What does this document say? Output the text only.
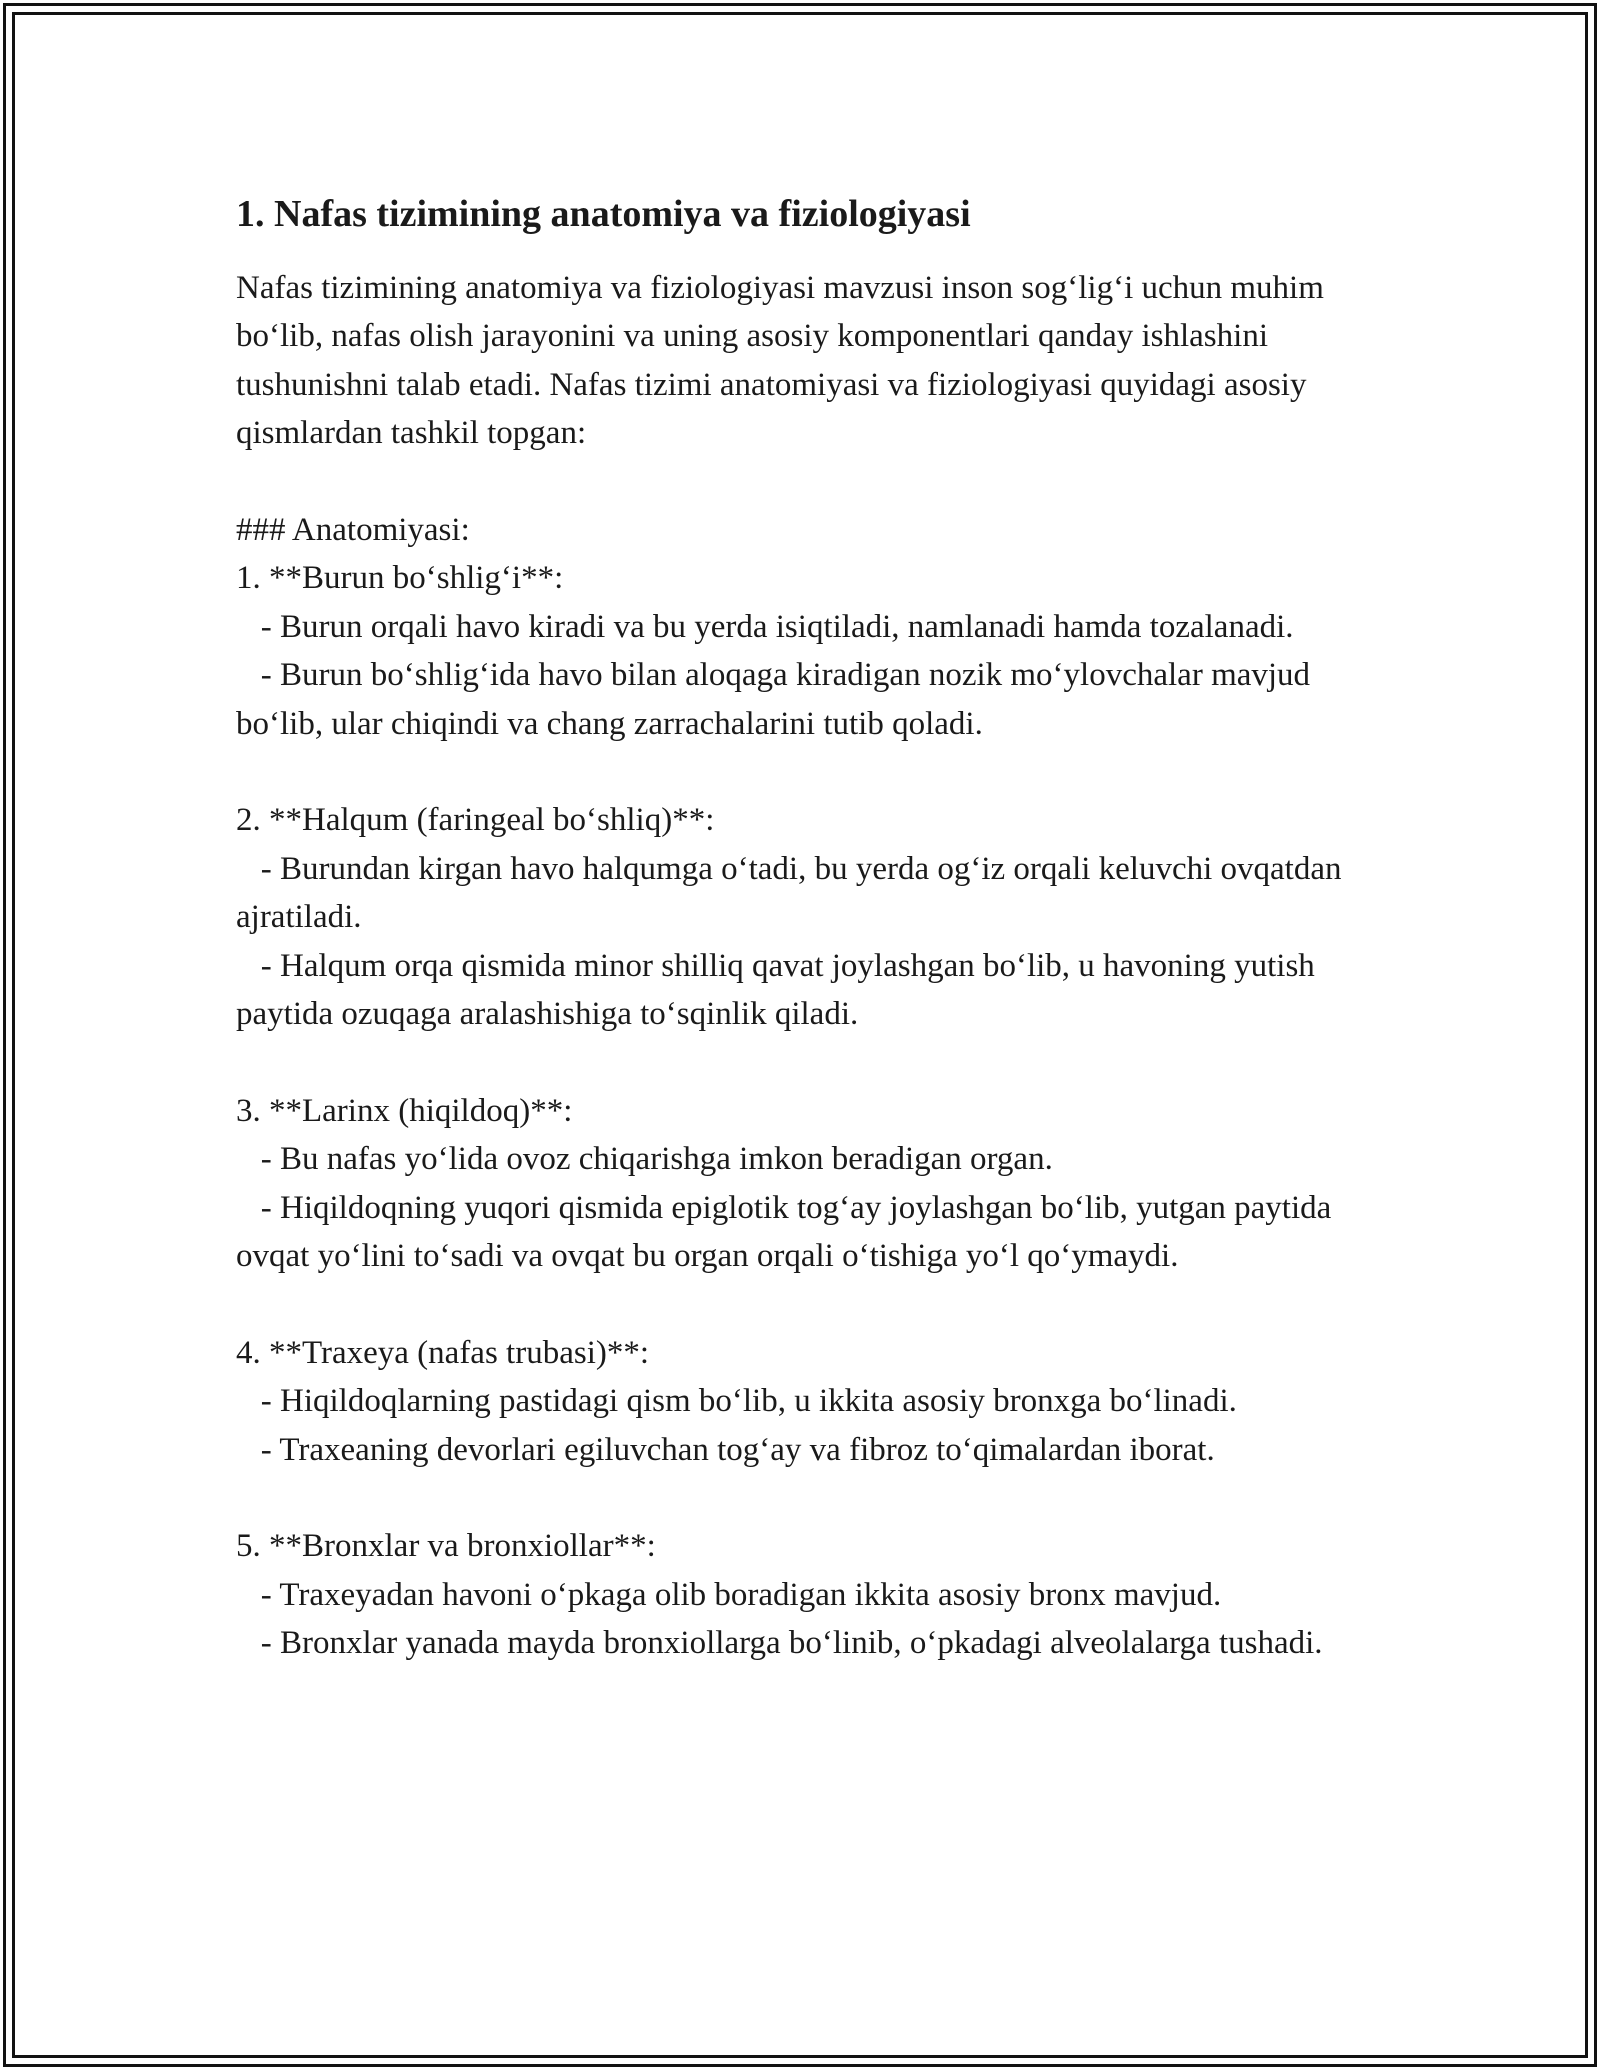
1. Nafas tizimining anatomiya va fiziologiyasi

Nafas tizimining anatomiya va fiziologiyasi mavzusi inson sog‘lig‘i uchun muhim bo‘lib, nafas olish jarayonini va uning asosiy komponentlari qanday ishlashini tushunishni talab etadi. Nafas tizimi anatomiyasi va fiziologiyasi quyidagi asosiy qismlardan tashkil topgan:

### Anatomiyasi:

1. **Burun bo‘shlig‘i**:

- Burun orqali havo kiradi va bu yerda isiqtiladi, namlanadi hamda tozalanadi.

- Burun bo‘shlig‘ida havo bilan aloqaga kiradigan nozik mo‘ylovchalar mavjud bo‘lib, ular chiqindi va chang zarrachalarini tutib qoladi.

2. **Halqum (faringeal bo‘shliq)**:

- Burundan kirgan havo halqumga o‘tadi, bu yerda og‘iz orqali keluvchi ovqatdan ajratiladi.

- Halqum orqa qismida minor shilliq qavat joylashgan bo‘lib, u havoning yutish paytida ozuqaga aralashishiga to‘sqinlik qiladi.

3. **Larinx (hiqildoq)**:

- Bu nafas yo‘lida ovoz chiqarishga imkon beradigan organ.

- Hiqildoqning yuqori qismida epiglotik tog‘ay joylashgan bo‘lib, yutgan paytida ovqat yo‘lini to‘sadi va ovqat bu organ orqali o‘tishiga yo‘l qo‘ymaydi.

4. **Traxeya (nafas trubasi)**:

- Hiqildoqlarning pastidagi qism bo‘lib, u ikkita asosiy bronxga bo‘linadi.

- Traxeaning devorlari egiluvchan tog‘ay va fibroz to‘qimalardan iborat.

5. **Bronxlar va bronxiollar**:

- Traxeyadan havoni o‘pkaga olib boradigan ikkita asosiy bronx mavjud.

- Bronxlar yanada mayda bronxiollarga bo‘linib, o‘pkadagi alveolalarga tushadi.
